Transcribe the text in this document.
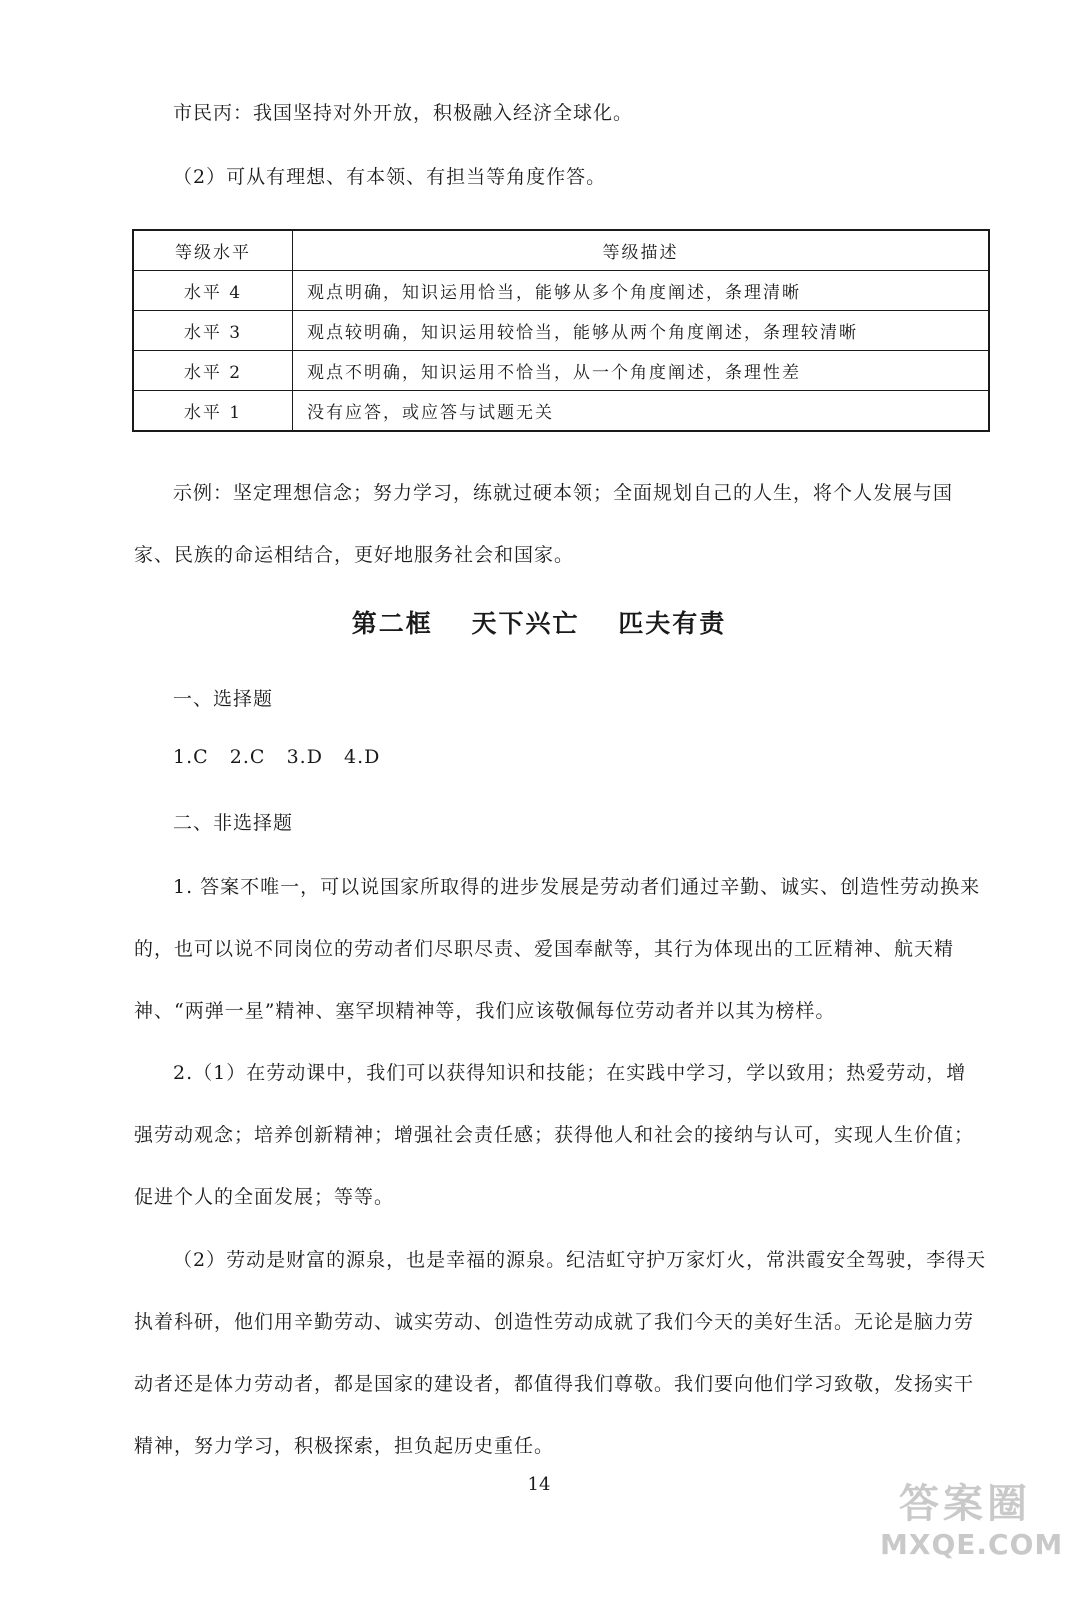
市民丙：我国坚持对外开放，积极融入经济全球化。
（2）可从有理想、有本领、有担当等角度作答。
等级水平	等级描述
水平 4	观点明确，知识运用恰当，能够从多个角度阐述，条理清晰
水平 3	观点较明确，知识运用较恰当，能够从两个角度阐述，条理较清晰
水平 2	观点不明确，知识运用不恰当，从一个角度阐述，条理性差
水平 1	没有应答，或应答与试题无关
示例：坚定理想信念；努力学习，练就过硬本领；全面规划自己的人生，将个人发展与国
家、民族的命运相结合，更好地服务社会和国家。
第二框 天下兴亡 匹夫有责
一、选择题
1.C   2.C   3.D   4.D
二、非选择题
1. 答案不唯一，可以说国家所取得的进步发展是劳动者们通过辛勤、诚实、创造性劳动换来
的，也可以说不同岗位的劳动者们尽职尽责、爱国奉献等，其行为体现出的工匠精神、航天精
神、“两弹一星”精神、塞罕坝精神等，我们应该敬佩每位劳动者并以其为榜样。
2.（1）在劳动课中，我们可以获得知识和技能；在实践中学习，学以致用；热爱劳动，增
强劳动观念；培养创新精神；增强社会责任感；获得他人和社会的接纳与认可，实现人生价值；
促进个人的全面发展；等等。
（2）劳动是财富的源泉，也是幸福的源泉。纪洁虹守护万家灯火，常洪霞安全驾驶，李得天
执着科研，他们用辛勤劳动、诚实劳动、创造性劳动成就了我们今天的美好生活。无论是脑力劳
动者还是体力劳动者，都是国家的建设者，都值得我们尊敬。我们要向他们学习致敬，发扬实干
精神，努力学习，积极探索，担负起历史重任。
14	答案圈
MXQE.COM
